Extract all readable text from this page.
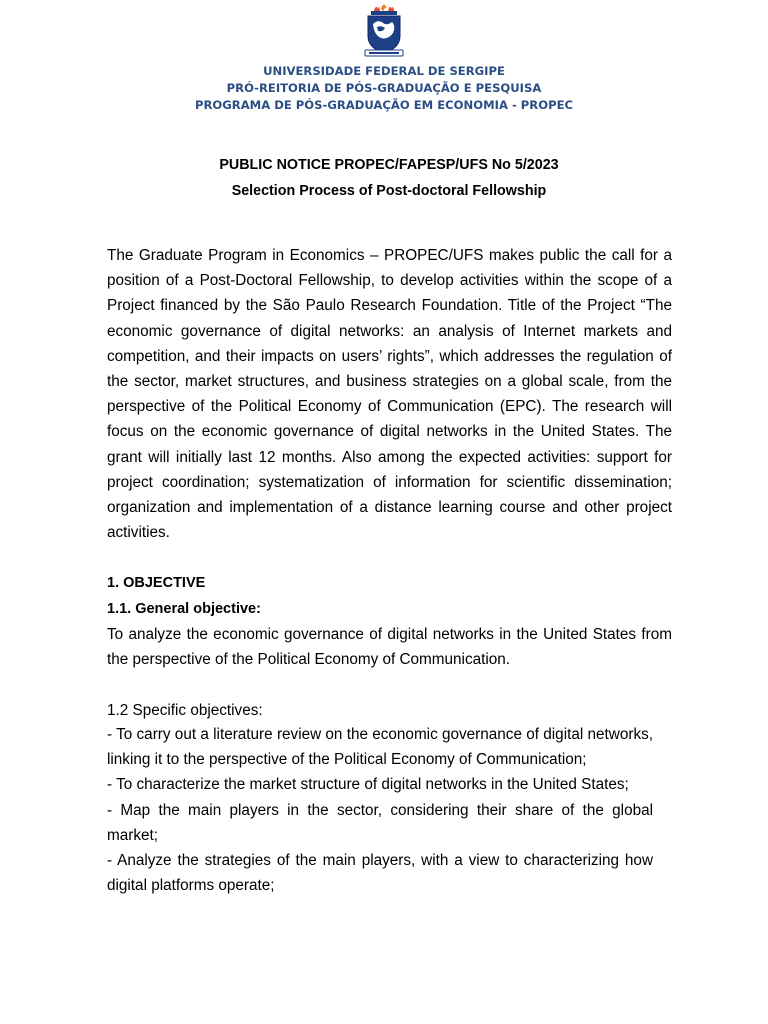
UNIVERSIDADE FEDERAL DE SERGIPE
PRÓ-REITORIA DE PÓS-GRADUAÇÃO E PESQUISA
PROGRAMA DE PÓS-GRADUAÇÃO EM ECONOMIA - PROPEC
PUBLIC NOTICE PROPEC/FAPESP/UFS No 5/2023
Selection Process of Post-doctoral Fellowship
The Graduate Program in Economics – PROPEC/UFS makes public the call for a position of a Post-Doctoral Fellowship, to develop activities within the scope of a Project financed by the São Paulo Research Foundation. Title of the Project “The economic governance of digital networks: an analysis of Internet markets and competition, and their impacts on users’ rights”, which addresses the regulation of the sector, market structures, and business strategies on a global scale, from the perspective of the Political Economy of Communication (EPC). The research will focus on the economic governance of digital networks in the United States. The grant will initially last 12 months. Also among the expected activities: support for project coordination; systematization of information for scientific dissemination; organization and implementation of a distance learning course and other project activities.
1. OBJECTIVE
1.1. General objective:
To analyze the economic governance of digital networks in the United States from the perspective of the Political Economy of Communication.
1.2 Specific objectives:

- To carry out a literature review on the economic governance of digital networks, linking it to the perspective of the Political Economy of Communication;

- To characterize the market structure of digital networks in the United States;

- Map the main players in the sector, considering their share of the global market;

- Analyze the strategies of the main players, with a view to characterizing how digital platforms operate;
